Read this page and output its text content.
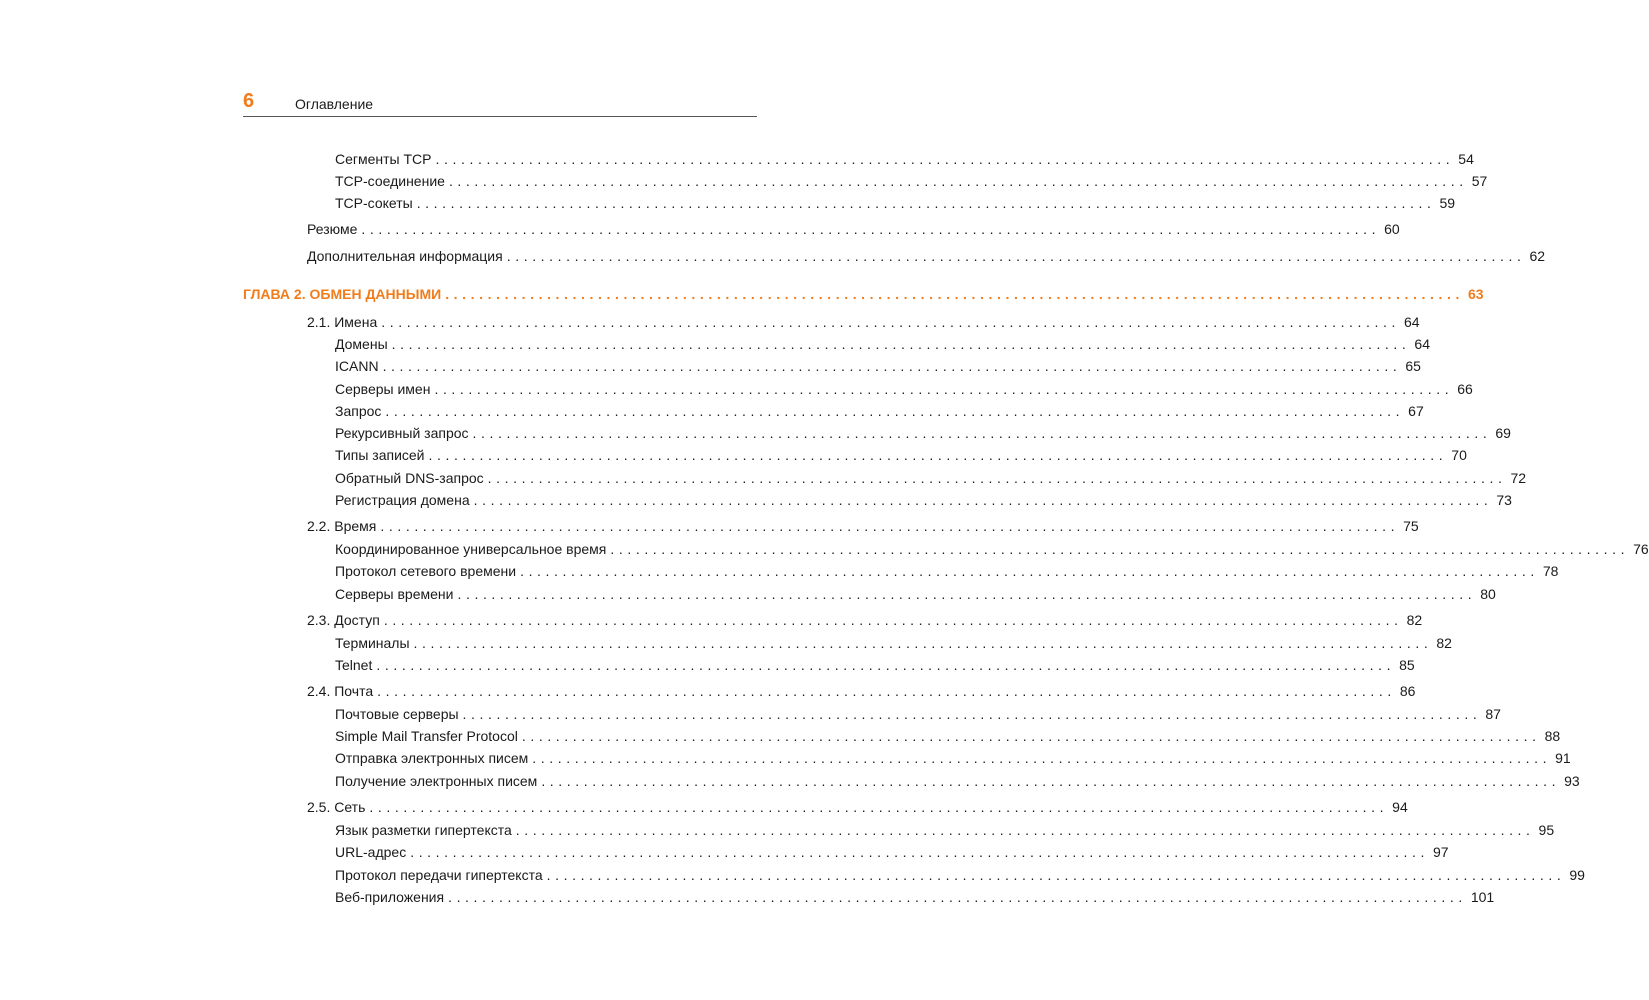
6	Оглавление
Сегменты TCP ........................................................................................................................ 54
TCP-соединение ........................................................................................................................ 57
TCP-сокеты ........................................................................................................................ 59
Резюме ........................................................................................................................ 60
Дополнительная информация ........................................................................................................................ 62
ГЛАВА 2. ОБМЕН ДАННЫМИ ........................................................................................................................ 63
2.1. Имена ........................................................................................................................ 64
Домены ........................................................................................................................ 64
ICANN ........................................................................................................................ 65
Серверы имен ........................................................................................................................ 66
Запрос ........................................................................................................................ 67
Рекурсивный запрос ........................................................................................................................ 69
Типы записей ........................................................................................................................ 70
Обратный DNS-запрос ........................................................................................................................ 72
Регистрация домена ........................................................................................................................ 73
2.2. Время ........................................................................................................................ 75
Координированное универсальное время ........................................................................................................................ 76
Протокол сетевого времени ........................................................................................................................ 78
Серверы времени ........................................................................................................................ 80
2.3. Доступ ........................................................................................................................ 82
Терминалы ........................................................................................................................ 82
Telnet ........................................................................................................................ 85
2.4. Почта ........................................................................................................................ 86
Почтовые серверы ........................................................................................................................ 87
Simple Mail Transfer Protocol ........................................................................................................................ 88
Отправка электронных писем ........................................................................................................................ 91
Получение электронных писем ........................................................................................................................ 93
2.5. Сеть ........................................................................................................................ 94
Язык разметки гипертекста ........................................................................................................................ 95
URL-адрес ........................................................................................................................ 97
Протокол передачи гипертекста ........................................................................................................................ 99
Веб-приложения ........................................................................................................................ 101
